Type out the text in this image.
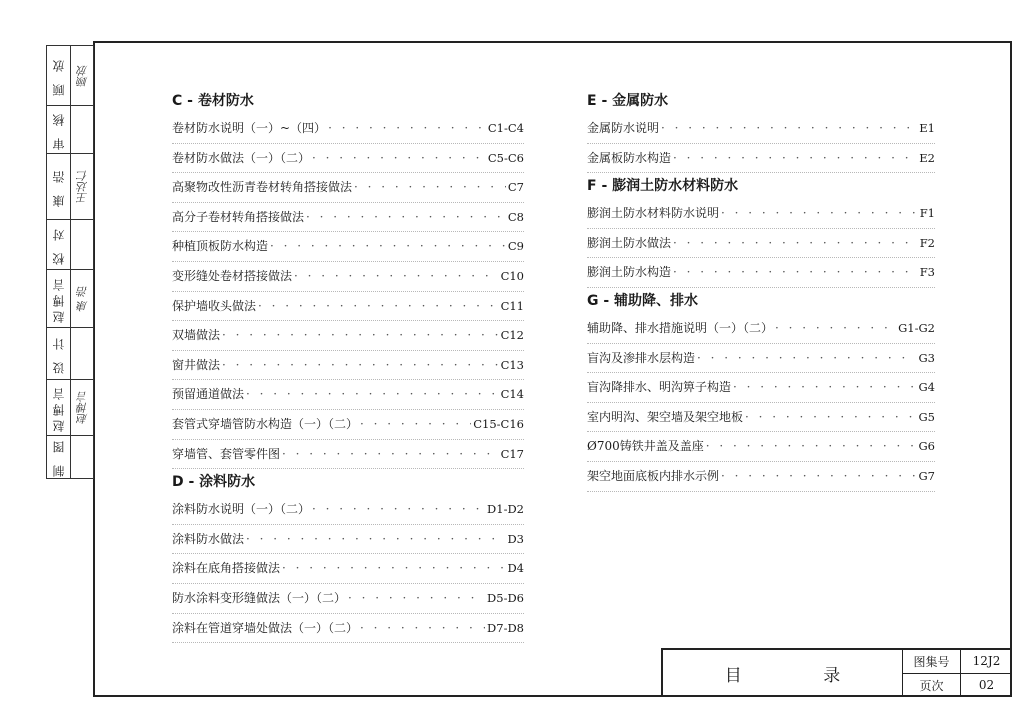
顾 放 顾放
审 核
康 浩 王达仁
校 对
赵博言 康 浩
设 计
赵博言 赵博言
制 图
C - 卷材防水
卷材防水说明（一）~（四） · · ·	C1-C4
卷材防水做法（一）（二） · · ·	C5-C6
高聚物改性沥青卷材转角搭接做法 · · ·	C7
高分子卷材转角搭接做法 · · ·	C8
种植顶板防水构造 · · ·	C9
变形缝处卷材搭接做法 · · ·	C10
保护墙收头做法 · · ·	C11
双墙做法 · · ·	C12
窗井做法 · · ·	C13
预留通道做法 · · ·	C14
套管式穿墙管防水构造（一）（二） · · ·	C15-C16
穿墙管、套管零件图 · · ·	C17
D - 涂料防水
涂料防水说明（一）（二） · · ·	D1-D2
涂料防水做法 · · ·	D3
涂料在底角搭接做法 · · ·	D4
防水涂料变形缝做法（一）（二） · · ·	D5-D6
涂料在管道穿墙处做法（一）（二） · · ·	D7-D8
E - 金属防水
金属防水说明 · · ·	E1
金属板防水构造 · · ·	E2
F - 膨润土防水材料防水
膨润土防水材料防水说明 · · ·	F1
膨润土防水做法 · · ·	F2
膨润土防水构造 · · ·	F3
G - 辅助降、排水
辅助降、排水措施说明（一）（二） · · ·	G1-G2
盲沟及渗排水层构造 · · ·	G3
盲沟降排水、明沟箅子构造 · · ·	G4
室内明沟、架空墙及架空地板 · · ·	G5
Ø700铸铁井盖及盖座 · · ·	G6
架空地面底板内排水示例 · · ·	G7
目 录
图集号	12J2
页次	02
